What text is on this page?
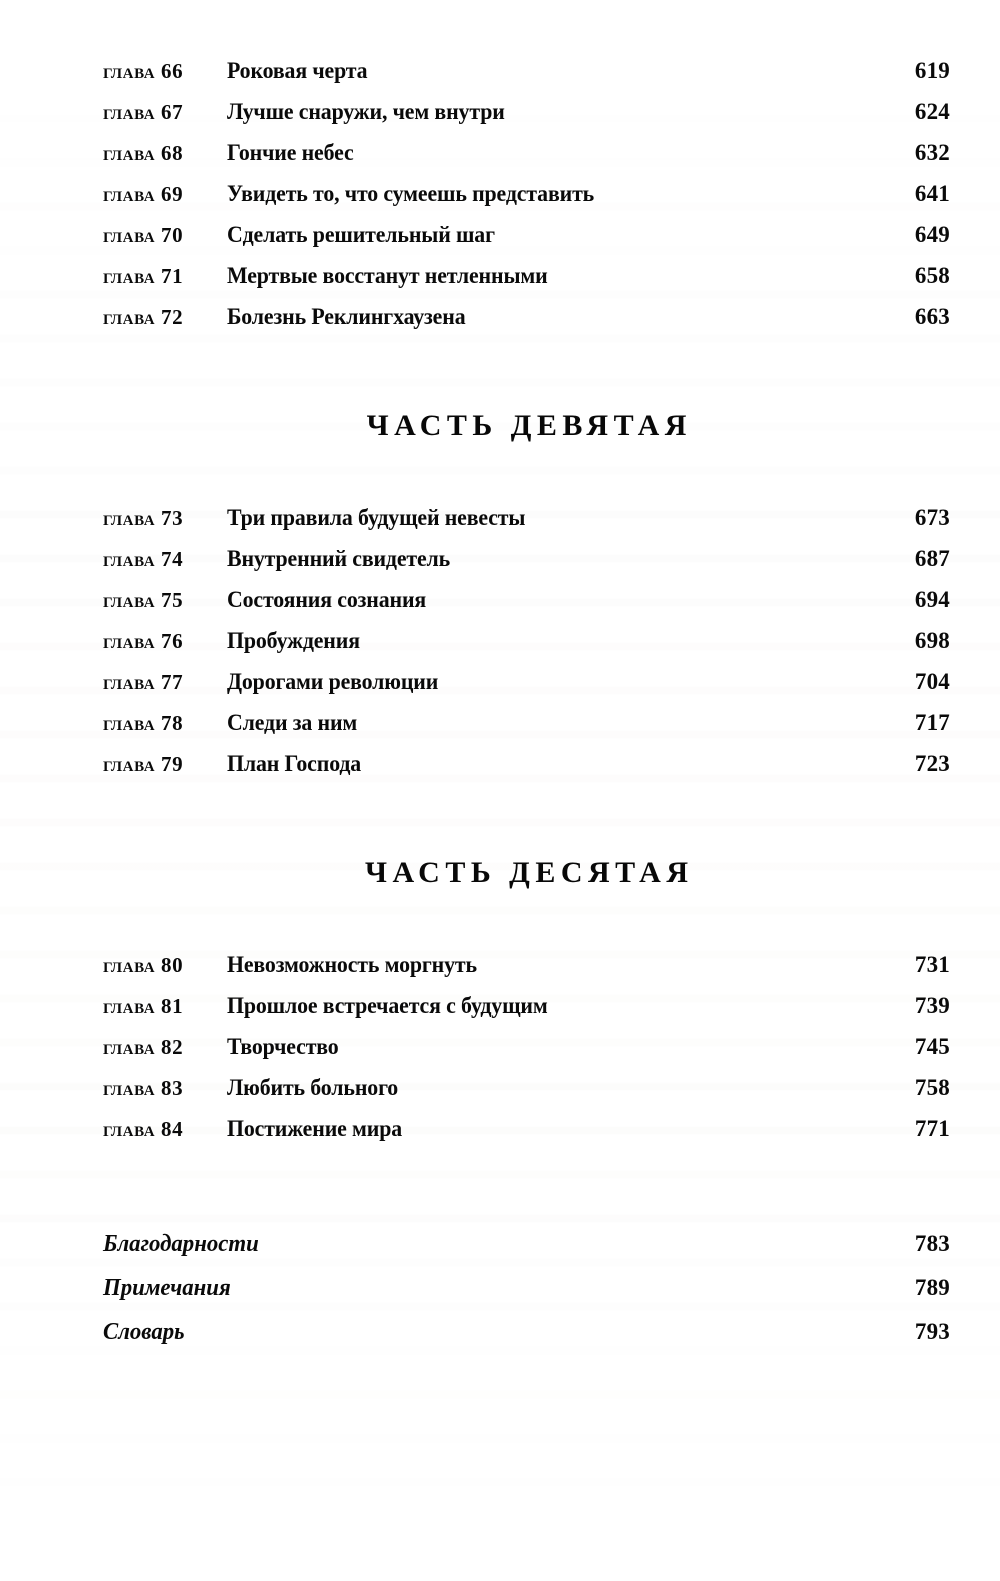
глава 66	Роковая черта	619
глава 67	Лучше снаружи, чем внутри	624
глава 68	Гончие небес	632
глава 69	Увидеть то, что сумеешь представить	641
глава 70	Сделать решительный шаг	649
глава 71	Мертвые восстанут нетленными	658
глава 72	Болезнь Реклингхаузена	663
ЧАСТЬ ДЕВЯТАЯ
глава 73	Три правила будущей невесты	673
глава 74	Внутренний свидетель	687
глава 75	Состояния сознания	694
глава 76	Пробуждения	698
глава 77	Дорогами революции	704
глава 78	Следи за ним	717
глава 79	План Господа	723
ЧАСТЬ ДЕСЯТАЯ
глава 80	Невозможность моргнуть	731
глава 81	Прошлое встречается с будущим	739
глава 82	Творчество	745
глава 83	Любить больного	758
глава 84	Постижение мира	771
Благодарности	783
Примечания	789
Словарь	793
